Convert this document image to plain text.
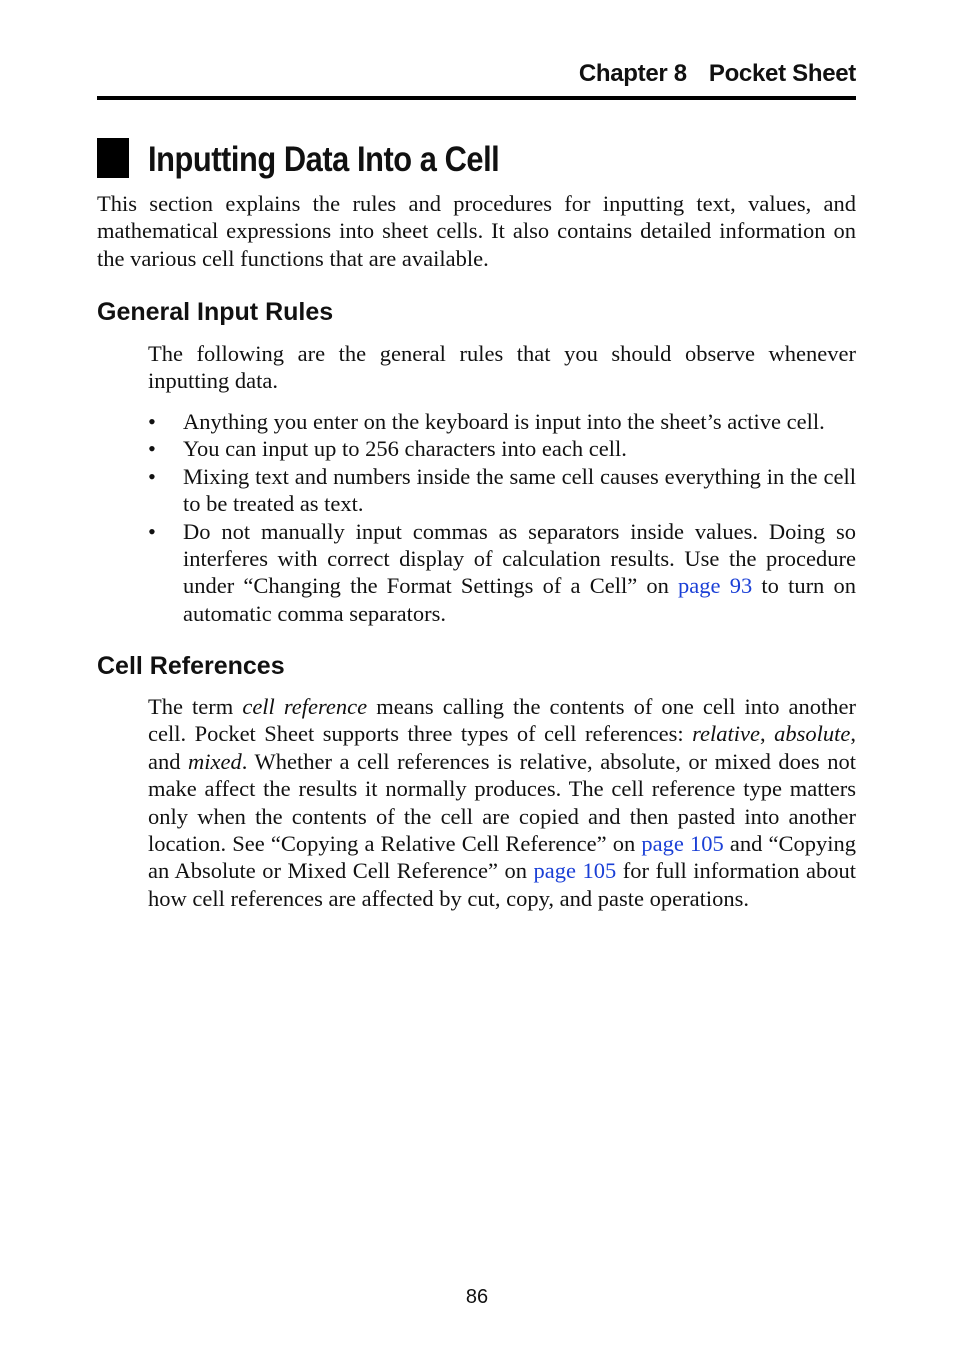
Chapter 8 Pocket Sheet
Inputting Data Into a Cell

This section explains the rules and procedures for inputting text, values, and mathematical expressions into sheet cells. It also contains detailed information on the various cell functions that are available.

General Input Rules

The following are the general rules that you should observe whenever inputting data.

• Anything you enter on the keyboard is input into the sheet’s active cell.
• You can input up to 256 characters into each cell.
• Mixing text and numbers inside the same cell causes everything in the cell to be treated as text.
• Do not manually input commas as separators inside values. Doing so interferes with correct display of calculation results. Use the procedure under “Changing the Format Settings of a Cell” on page 93 to turn on automatic comma separators.
Cell References

The term cell reference means calling the contents of one cell into another cell. Pocket Sheet supports three types of cell references: relative, absolute, and mixed. Whether a cell references is relative, absolute, or mixed does not make affect the results it normally produces. The cell reference type matters only when the contents of the cell are copied and then pasted into another location. See “Copying a Relative Cell Reference” on page 105 and “Copying an Absolute or Mixed Cell Reference” on page 105 for full information about how cell references are affected by cut, copy, and paste operations.

86
